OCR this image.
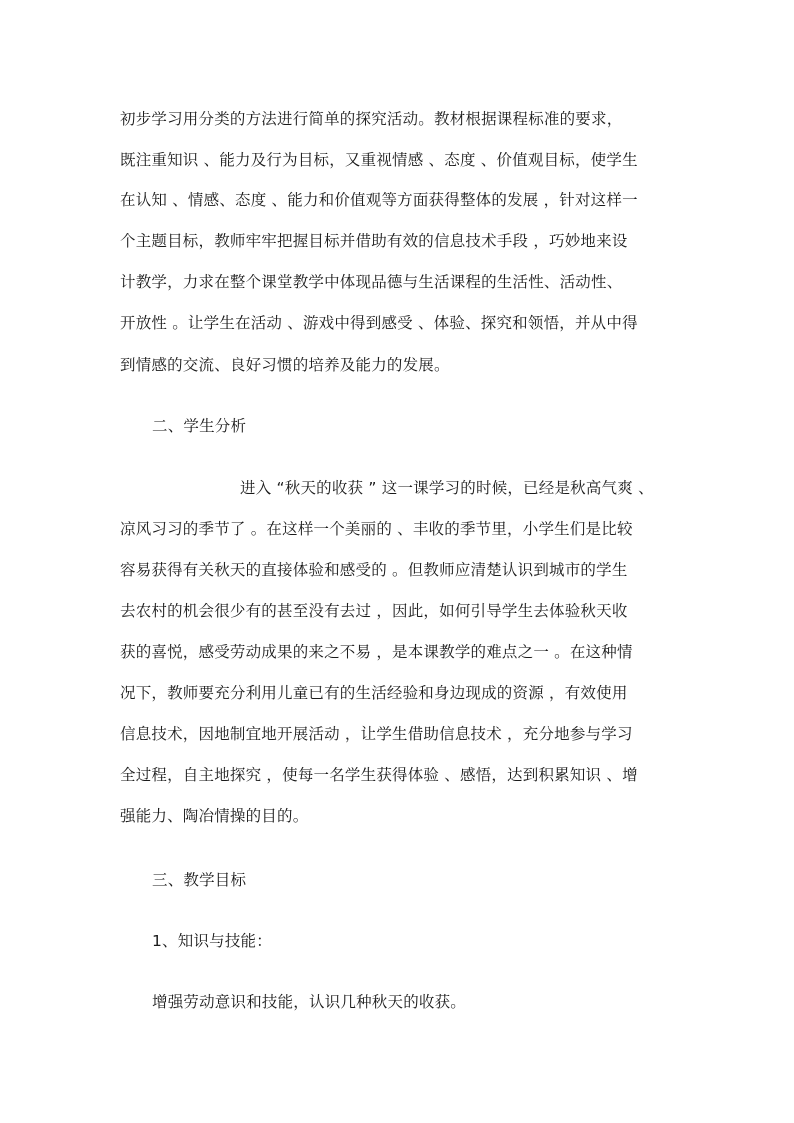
初步学习用分类的方法进行简单的探究活动。教材根据课程标准的要求，
既注重知识 、能力及行为目标，又重视情感 、态度 、价值观目标，使学生
在认知 、情感、态度 、能力和价值观等方面获得整体的发展 ，针对这样一
个主题目标，教师牢牢把握目标并借助有效的信息技术手段 ，巧妙地来设
计教学，力求在整个课堂教学中体现品德与生活课程的生活性、活动性、
开放性 。让学生在活动 、游戏中得到感受 、体验、探究和领悟，并从中得
到情感的交流、良好习惯的培养及能力的发展。
二、学生分析
进入 “秋天的收获 ” 这一课学习的时候，已经是秋高气爽 、
凉风习习的季节了 。在这样一个美丽的 、丰收的季节里，小学生们是比较
容易获得有关秋天的直接体验和感受的 。但教师应清楚认识到城市的学生
去农村的机会很少有的甚至没有去过 ，因此，如何引导学生去体验秋天收
获的喜悦，感受劳动成果的来之不易 ，是本课教学的难点之一 。在这种情
况下，教师要充分利用儿童已有的生活经验和身边现成的资源 ，有效使用
信息技术，因地制宜地开展活动 ，让学生借助信息技术 ，充分地参与学习
全过程，自主地探究 ，使每一名学生获得体验 、感悟，达到积累知识 、增
强能力、陶冶情操的目的。
三、教学目标
1、知识与技能：
增强劳动意识和技能，认识几种秋天的收获。
